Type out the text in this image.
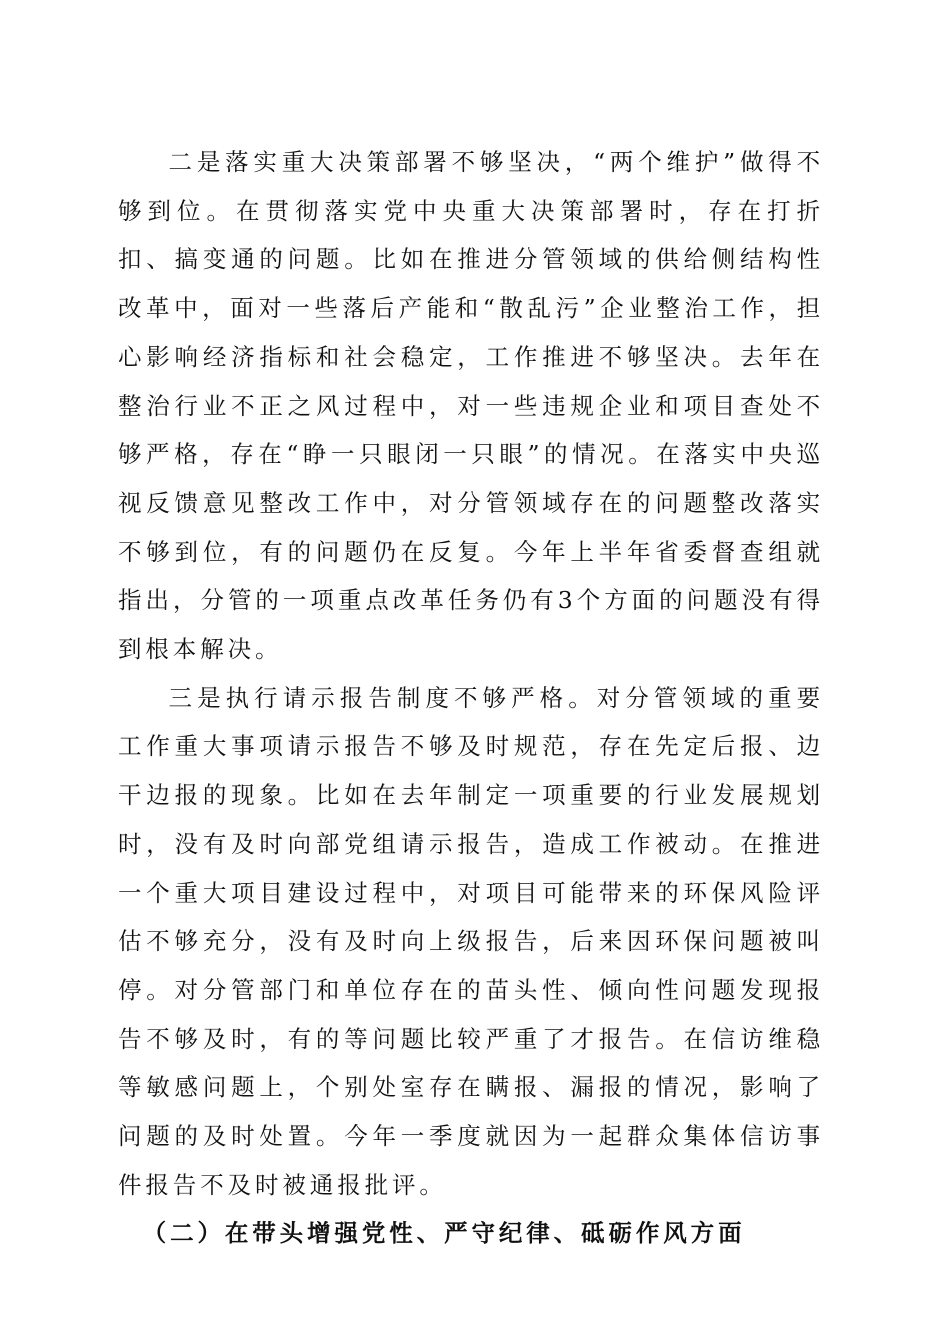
二是落实重大决策部署不够坚决，“两个维护”做得不够到位。在贯彻落实党中央重大决策部署时，存在打折扣、搞变通的问题。比如在推进分管领域的供给侧结构性改革中，面对一些落后产能和“散乱污”企业整治工作，担心影响经济指标和社会稳定，工作推进不够坚决。去年在整治行业不正之风过程中，对一些违规企业和项目查处不够严格，存在“睁一只眼闭一只眼”的情况。在落实中央巡视反馈意见整改工作中，对分管领域存在的问题整改落实不够到位，有的问题仍在反复。今年上半年省委督查组就指出，分管的一项重点改革任务仍有3个方面的问题没有得到根本解决。

三是执行请示报告制度不够严格。对分管领域的重要工作重大事项请示报告不够及时规范，存在先定后报、边干边报的现象。比如在去年制定一项重要的行业发展规划时，没有及时向部党组请示报告，造成工作被动。在推进一个重大项目建设过程中，对项目可能带来的环保风险评估不够充分，没有及时向上级报告，后来因环保问题被叫停。对分管部门和单位存在的苗头性、倾向性问题发现报告不够及时，有的等问题比较严重了才报告。在信访维稳等敏感问题上，个别处室存在瞒报、漏报的情况，影响了问题的及时处置。今年一季度就因为一起群众集体信访事件报告不及时被通报批评。

（二）在带头增强党性、严守纪律、砥砺作风方面
